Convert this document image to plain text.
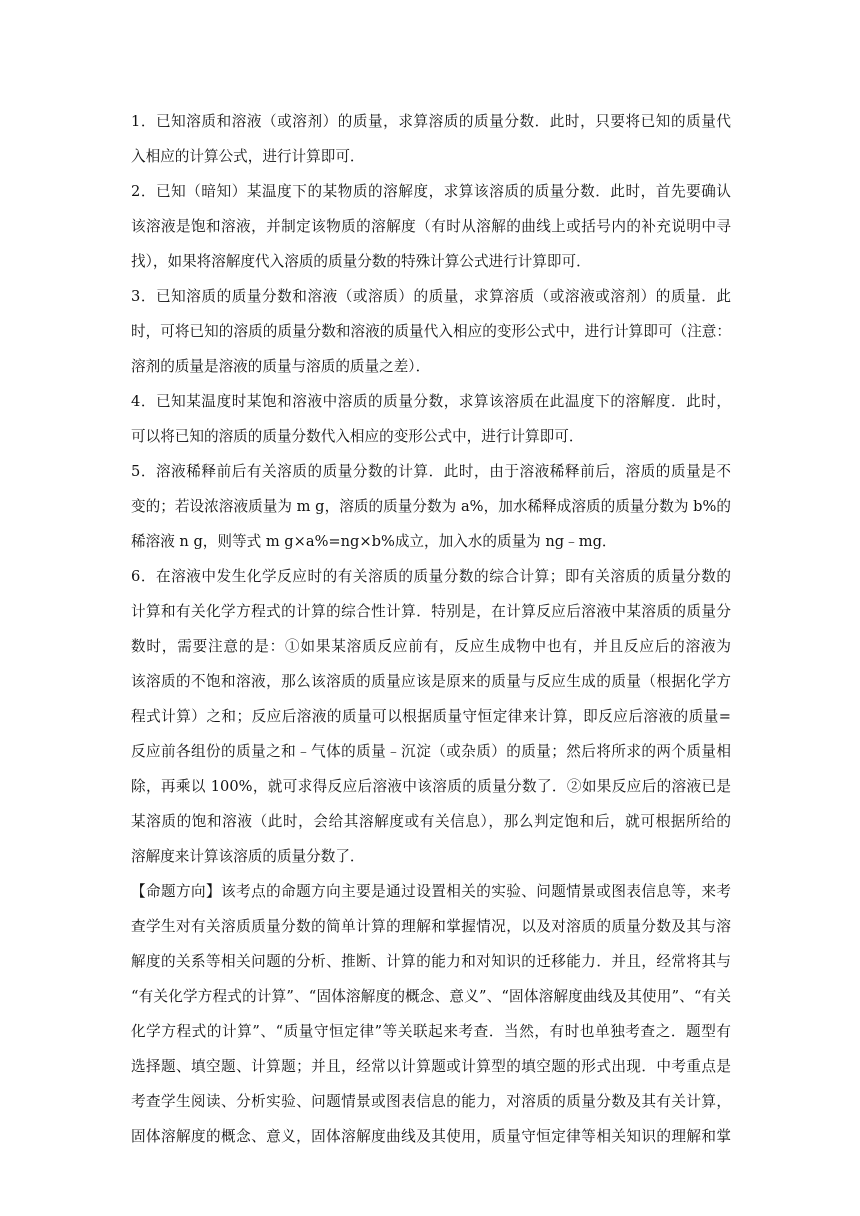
1．已知溶质和溶液（或溶剂）的质量，求算溶质的质量分数．此时，只要将已知的质量代
入相应的计算公式，进行计算即可．
2．已知（暗知）某温度下的某物质的溶解度，求算该溶质的质量分数．此时，首先要确认
该溶液是饱和溶液，并制定该物质的溶解度（有时从溶解的曲线上或括号内的补充说明中寻
找），如果将溶解度代入溶质的质量分数的特殊计算公式进行计算即可．
3．已知溶质的质量分数和溶液（或溶质）的质量，求算溶质（或溶液或溶剂）的质量．此
时，可将已知的溶质的质量分数和溶液的质量代入相应的变形公式中，进行计算即可（注意：
溶剂的质量是溶液的质量与溶质的质量之差）．
4．已知某温度时某饱和溶液中溶质的质量分数，求算该溶质在此温度下的溶解度．此时，
可以将已知的溶质的质量分数代入相应的变形公式中，进行计算即可．
5．溶液稀释前后有关溶质的质量分数的计算．此时，由于溶液稀释前后，溶质的质量是不
变的；若设浓溶液质量为 m g，溶质的质量分数为 a%，加水稀释成溶质的质量分数为 b%的
稀溶液 n g，则等式 m g×a%=ng×b%成立，加入水的质量为 ng﹣mg．
6．在溶液中发生化学反应时的有关溶质的质量分数的综合计算；即有关溶质的质量分数的
计算和有关化学方程式的计算的综合性计算．特别是，在计算反应后溶液中某溶质的质量分
数时，需要注意的是：①如果某溶质反应前有，反应生成物中也有，并且反应后的溶液为
该溶质的不饱和溶液，那么该溶质的质量应该是原来的质量与反应生成的质量（根据化学方
程式计算）之和；反应后溶液的质量可以根据质量守恒定律来计算，即反应后溶液的质量=
反应前各组份的质量之和﹣气体的质量﹣沉淀（或杂质）的质量；然后将所求的两个质量相
除，再乘以 100%，就可求得反应后溶液中该溶质的质量分数了．②如果反应后的溶液已是
某溶质的饱和溶液（此时，会给其溶解度或有关信息），那么判定饱和后，就可根据所给的
溶解度来计算该溶质的质量分数了．
【命题方向】该考点的命题方向主要是通过设置相关的实验、问题情景或图表信息等，来考
查学生对有关溶质质量分数的简单计算的理解和掌握情况，以及对溶质的质量分数及其与溶
解度的关系等相关问题的分析、推断、计算的能力和对知识的迁移能力．并且，经常将其与
“有关化学方程式的计算”、“固体溶解度的概念、意义”、“固体溶解度曲线及其使用”、“有关
化学方程式的计算”、“质量守恒定律”等关联起来考查．当然，有时也单独考查之．题型有
选择题、填空题、计算题；并且，经常以计算题或计算型的填空题的形式出现．中考重点是
考查学生阅读、分析实验、问题情景或图表信息的能力，对溶质的质量分数及其有关计算，
固体溶解度的概念、意义，固体溶解度曲线及其使用，质量守恒定律等相关知识的理解和掌
